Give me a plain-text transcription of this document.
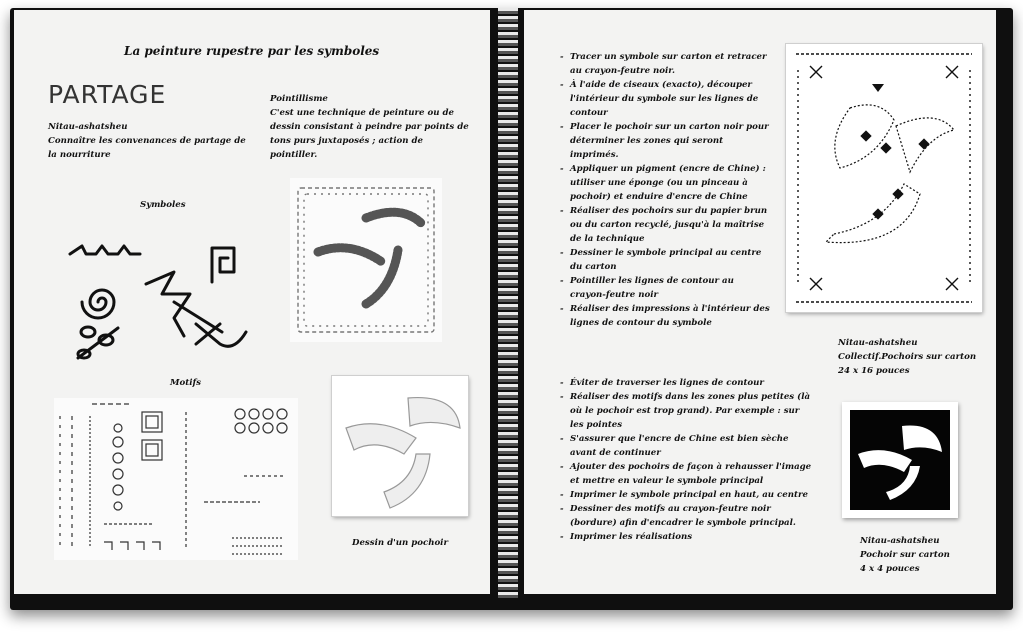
La peinture rupestre par les symboles
PARTAGE
Nitau-ashatsheu
Connaître les convenances de partage de la nourriture
Pointillisme
C'est une technique de peinture ou de dessin consistant à peindre par points de tons purs juxtaposés ; action de pointiller.
Symboles
Motifs
Dessin d'un pochoir
- Tracer un symbole sur carton et retracer au crayon-feutre noir.
- À l'aide de ciseaux (exacto), découper l'intérieur du symbole sur les lignes de contour
- Placer le pochoir sur un carton noir pour déterminer les zones qui seront imprimés.
- Appliquer un pigment (encre de Chine) : utiliser une éponge (ou un pinceau à pochoir) et enduire d'encre de Chine
- Réaliser des pochoirs sur du papier brun ou du carton recyclé, jusqu'à la maîtrise de la technique
- Dessiner le symbole principal au centre du carton
- Pointiller les lignes de contour au crayon-feutre noir
- Réaliser des impressions à l'intérieur des lignes de contour du symbole
- Éviter de traverser les lignes de contour
- Réaliser des motifs dans les zones plus petites (là où le pochoir est trop grand). Par exemple : sur les pointes
- S'assurer que l'encre de Chine est bien sèche avant de continuer
- Ajouter des pochoirs de façon à rehausser l'image et mettre en valeur le symbole principal
- Imprimer le symbole principal en haut, au centre
- Dessiner des motifs au crayon-feutre noir (bordure) afin d'encadrer le symbole principal.
- Imprimer les réalisations
Nitau-ashatsheu
Collectif.Pochoirs sur carton
24 x 16 pouces
Nitau-ashatsheu
Pochoir sur carton
4 x 4 pouces
